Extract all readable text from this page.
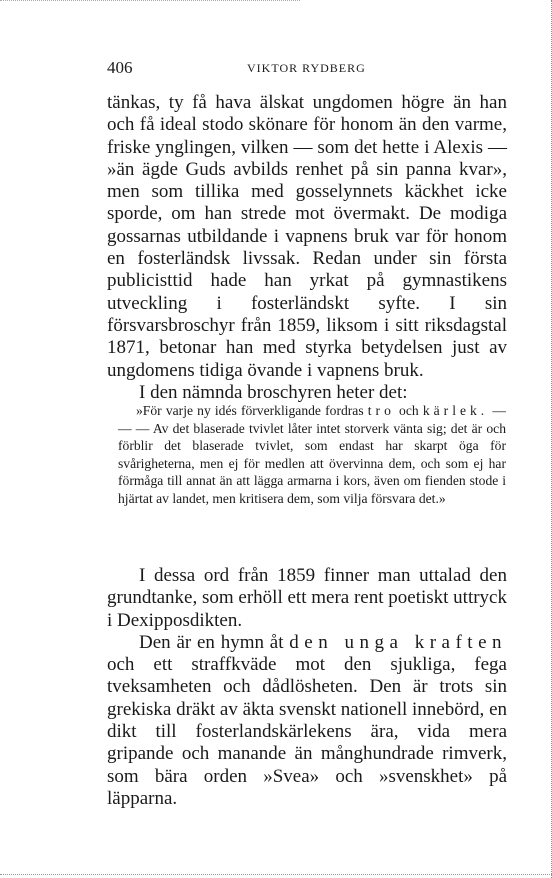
406	VIKTOR RYDBERG

tänkas, ty få hava älskat ungdomen högre än han och få ideal stodo skönare för honom än den varme, friske ynglingen, vilken — som det hette i Alexis — »än ägde Guds avbilds renhet på sin panna kvar», men som tillika med gosselynnets käckhet icke sporde, om han strede mot övermakt. De modiga gossarnas utbildande i vapnens bruk var för honom en fosterländsk livssak. Redan under sin första publicisttid hade han yrkat på gymnastikens utveckling i fosterländskt syfte. I sin försvarsbroschyr från 1859, liksom i sitt riksdagstal 1871, betonar han med styrka betydelsen just av ungdomens tidiga övande i vapnens bruk.

I den nämnda broschyren heter det:

»För varje ny idés förverkligande fordras tro och kärlek. — — — Av det blaserade tvivlet låter intet storverk vänta sig; det är och förblir det blaserade tvivlet, som endast har skarpt öga för svårigheterna, men ej för medlen att övervinna dem, och som ej har förmåga till annat än att lägga armarna i kors, även om fienden stode i hjärtat av landet, men kritisera dem, som vilja försvara det.»

I dessa ord från 1859 finner man uttalad den grundtanke, som erhöll ett mera rent poetiskt uttryck i Dexipposdikten.

Den är en hymn åt den unga kraften och ett straffkväde mot den sjukliga, fega tveksamheten och dådlösheten. Den är trots sin grekiska dräkt av äkta svenskt nationell innebörd, en dikt till fosterlandskärlekens ära, vida mera gripande och manande än månghundrade rimverk, som bära orden »Svea» och »svenskhet» på läpparna.
